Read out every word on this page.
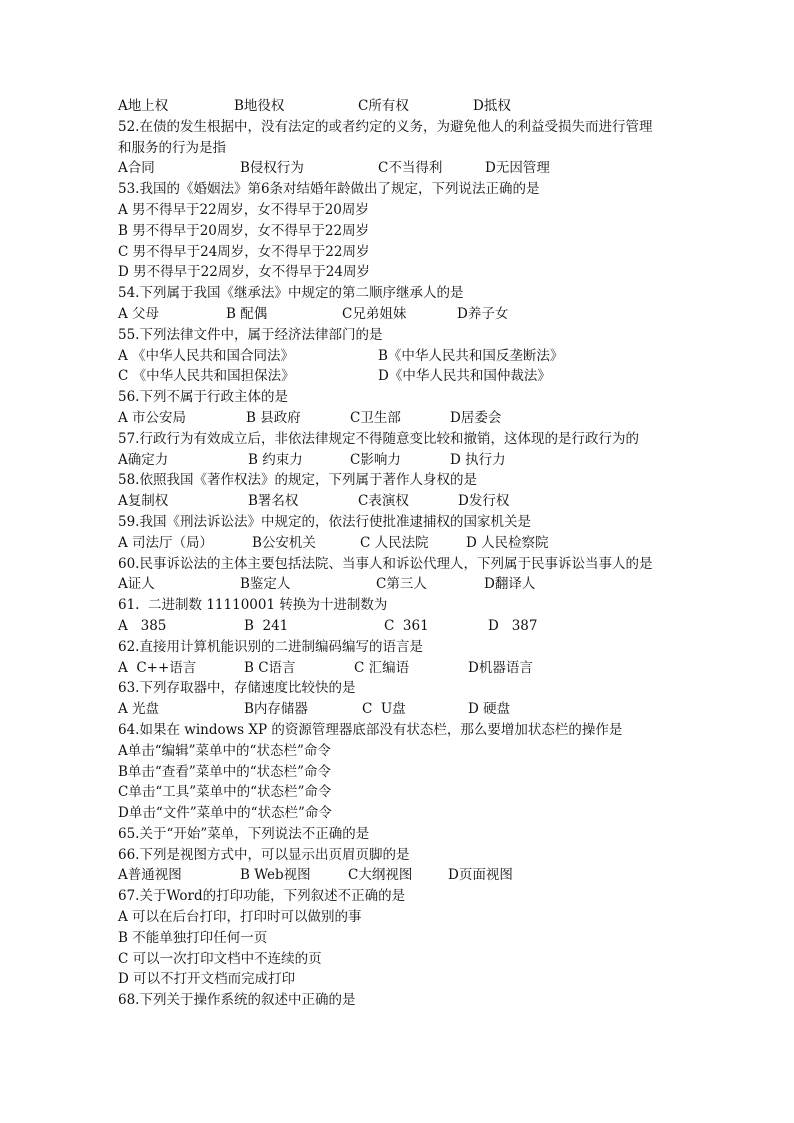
A地上权	B地役权	C所有权	D抵权
52.在债的发生根据中，没有法定的或者约定的义务，为避免他人的利益受损失而进行管理
和服务的行为是指
A合同	B侵权行为	C不当得利	D无因管理
53.我国的《婚姻法》第6条对结婚年龄做出了规定，下列说法正确的是
A 男不得早于22周岁，女不得早于20周岁
B 男不得早于20周岁，女不得早于22周岁
C 男不得早于24周岁，女不得早于22周岁
D 男不得早于22周岁，女不得早于24周岁
54.下列属于我国《继承法》中规定的第二顺序继承人的是
A 父母	B 配偶	C兄弟姐妹	D养子女
55.下列法律文件中，属于经济法律部门的是
A 《中华人民共和国合同法》	B《中华人民共和国反垄断法》
C 《中华人民共和国担保法》	D《中华人民共和国仲裁法》
56.下列不属于行政主体的是
A 市公安局	B 县政府	C卫生部	D居委会
57.行政行为有效成立后，非依法律规定不得随意变比较和撤销，这体现的是行政行为的
A确定力	B 约束力	C影响力	D 执行力
58.依照我国《著作权法》的规定，下列属于著作人身权的是
A复制权	B署名权	C表演权	D发行权
59.我国《刑法诉讼法》中规定的，依法行使批准逮捕权的国家机关是
A 司法厅（局）	B公安机关	C 人民法院	D 人民检察院
60.民事诉讼法的主体主要包括法院、当事人和诉讼代理人，下列属于民事诉讼当事人的是
A证人	B鉴定人	C第三人	D翻译人
61.  二进制数 11110001 转换为十进制数为
A   385	B  241	C  361	D   387
62.直接用计算机能识别的二进制编码编写的语言是
A  C++语言	B C语言	C 汇编语	D机器语言
63.下列存取器中，存储速度比较快的是
A 光盘	B内存储器	C  U盘	D 硬盘
64.如果在 windows XP 的资源管理器底部没有状态栏，那么要增加状态栏的操作是
A单击“编辑”菜单中的“状态栏”命令
B单击“查看”菜单中的“状态栏”命令
C单击“工具”菜单中的“状态栏”命令
D单击“文件”菜单中的“状态栏”命令
65.关于“开始”菜单，下列说法不正确的是
66.下列是视图方式中，可以显示出页眉页脚的是
A普通视图	B Web视图	C大纲视图	D页面视图
67.关于Word的打印功能，下列叙述不正确的是
A 可以在后台打印，打印时可以做别的事
B 不能单独打印任何一页
C 可以一次打印文档中不连续的页
D 可以不打开文档而完成打印
68.下列关于操作系统的叙述中正确的是
